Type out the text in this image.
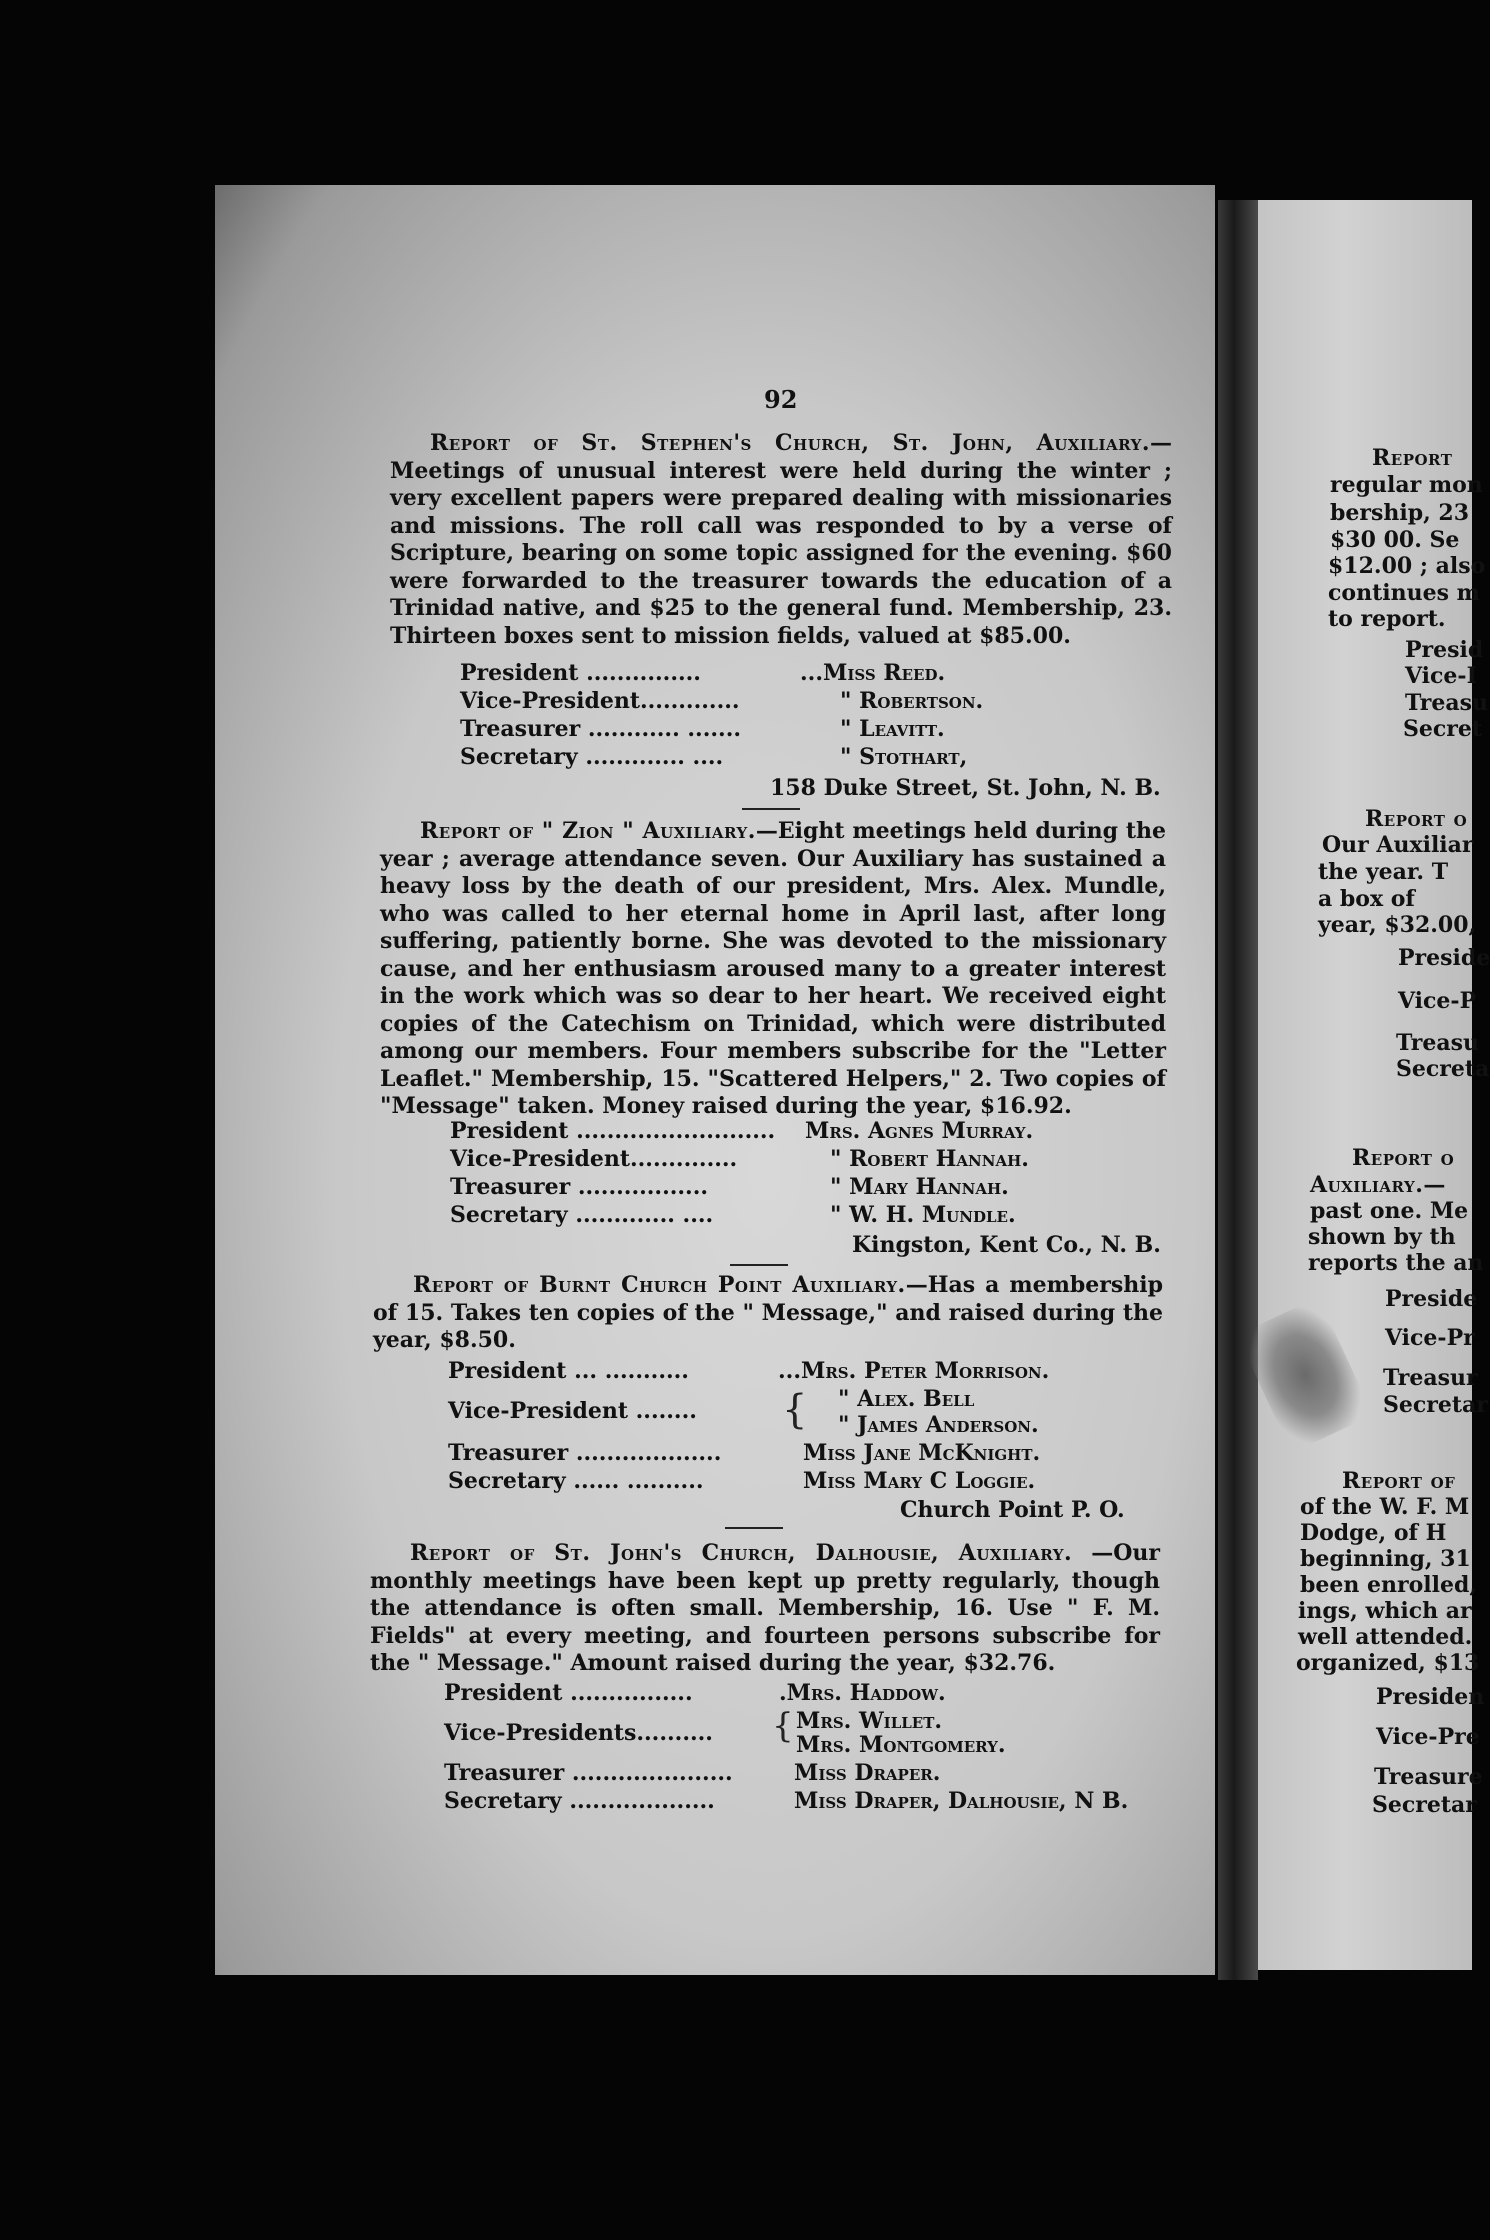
92
Report of St. Stephen's Church, St. John, Auxiliary.—Meetings of unusual interest were held during the winter ; very excellent papers were prepared dealing with missionaries and missions. The roll call was responded to by a verse of Scripture, bearing on some topic assigned for the evening. $60 were forwarded to the treasurer towards the education of a Trinidad native, and $25 to the general fund. Membership, 23. Thirteen boxes sent to mission fields, valued at $85.00.
President ...............	...Miss Reed.
Vice-President.............	" Robertson.
Treasurer ............ .......	" Leavitt.
Secretary ............. ....	" Stothart,
158 Duke Street, St. John, N. B.
Report of " Zion " Auxiliary.—Eight meetings held during the year ; average attendance seven. Our Auxiliary has sustained a heavy loss by the death of our president, Mrs. Alex. Mundle, who was called to her eternal home in April last, after long suffering, patiently borne. She was devoted to the missionary cause, and her enthusiasm aroused many to a greater interest in the work which was so dear to her heart. We received eight copies of the Catechism on Trinidad, which were distributed among our members. Four members subscribe for the "Letter Leaflet." Membership, 15. "Scattered Helpers," 2. Two copies of "Message" taken. Money raised during the year, $16.92.
President .......................... Mrs. Agnes Murray.
Vice-President..............	" Robert Hannah.
Treasurer .................	" Mary Hannah.
Secretary ............. ....	" W. H. Mundle.
Kingston, Kent Co., N. B.
Report of Burnt Church Point Auxiliary.—Has a membership of 15. Takes ten copies of the " Message," and raised during the year, $8.50.
President ... ...........	...Mrs. Peter Morrison.
Vice-President ........	" Alex. Bell
" James Anderson.
Treasurer ...................	Miss Jane McKnight.
Secretary ...... ..........	Miss Mary C Loggie.
{
Church Point P. O.
Report of St. John's Church, Dalhousie, Auxiliary. —Our monthly meetings have been kept up pretty regularly, though the attendance is often small. Membership, 16. Use " F. M. Fields" at every meeting, and fourteen persons subscribe for the " Message." Amount raised during the year, $32.76.
President ................	.Mrs. Haddow.
Vice-Presidents..........	Mrs. Willet.
Mrs. Montgomery.
Treasurer .....................	Miss Draper.
Secretary ...................	Miss Draper, Dalhousie, N B.
{
Report
regular mon
bership, 23
$30 00. Se
$12.00 ; also
continues m
to report.
Presid
Vice-I
Treasu
Secret
Report o
Our Auxiliar
the year. T
a box of
year, $32.00,
Preside
Vice-P
Treasu
Secreta
Report o
Auxiliary.—
past one. Me
shown by th
reports the an
Preside
Vice-Pr
Treasur
Secretar
Report of
of the W. F. M
Dodge, of H
beginning, 31
been enrolled,
ings, which ar
well attended.
organized, $13
Presiden
Vice-Pre
Treasure
Secretar
